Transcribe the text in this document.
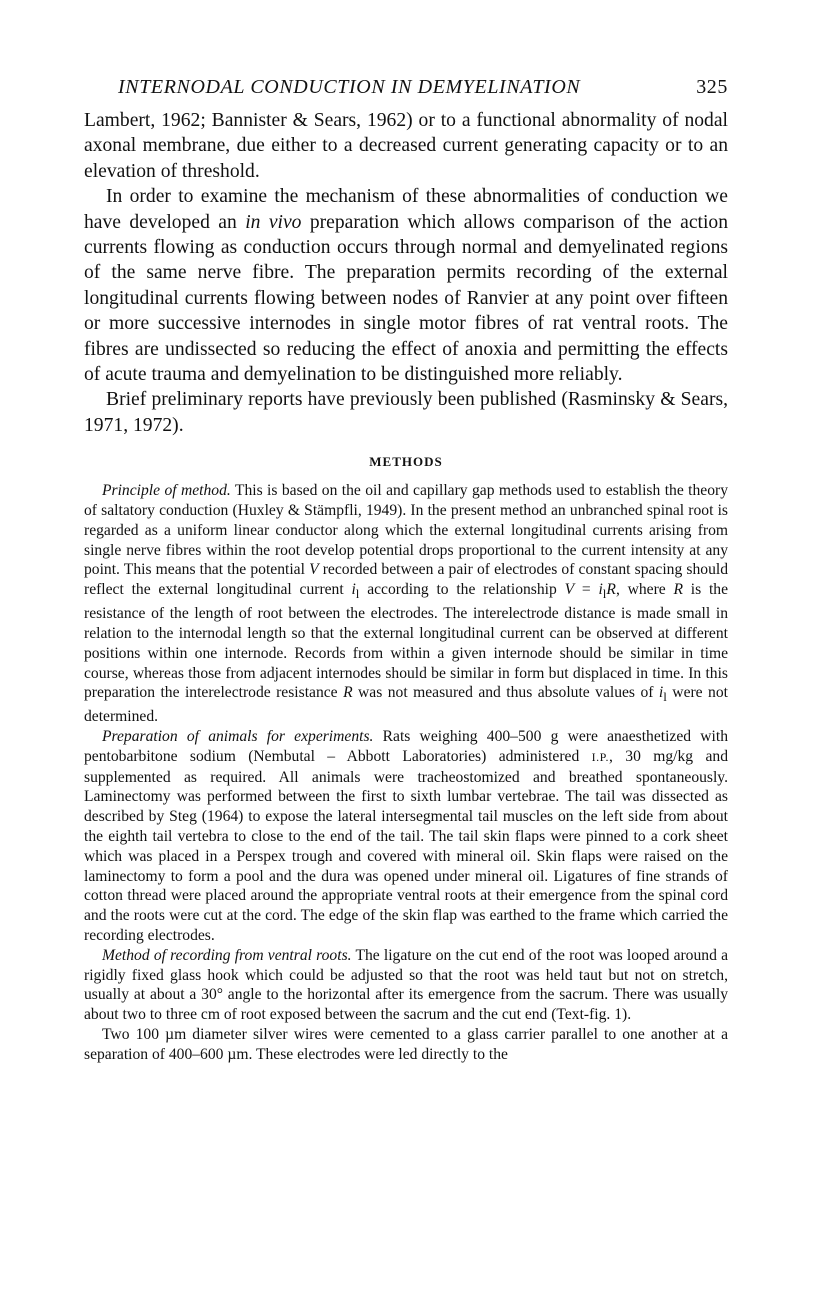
INTERNODAL CONDUCTION IN DEMYELINATION	325

Lambert, 1962; Bannister & Sears, 1962) or to a functional abnormality of nodal axonal membrane, due either to a decreased current generating capacity or to an elevation of threshold.

In order to examine the mechanism of these abnormalities of conduction we have developed an in vivo preparation which allows comparison of the action currents flowing as conduction occurs through normal and demyelinated regions of the same nerve fibre. The preparation permits recording of the external longitudinal currents flowing between nodes of Ranvier at any point over fifteen or more successive internodes in single motor fibres of rat ventral roots. The fibres are undissected so reducing the effect of anoxia and permitting the effects of acute trauma and demyelination to be distinguished more reliably.

Brief preliminary reports have previously been published (Rasminsky & Sears, 1971, 1972).

METHODS

Principle of method. This is based on the oil and capillary gap methods used to establish the theory of saltatory conduction (Huxley & Stämpfli, 1949). In the present method an unbranched spinal root is regarded as a uniform linear conductor along which the external longitudinal currents arising from single nerve fibres within the root develop potential drops proportional to the current intensity at any point. This means that the potential V recorded between a pair of electrodes of constant spacing should reflect the external longitudinal current $i_l$ according to the relationship $V = i_lR$, where R is the resistance of the length of root between the electrodes. The interelectrode distance is made small in relation to the internodal length so that the external longitudinal current can be observed at different positions within one internode. Records from within a given internode should be similar in time course, whereas those from adjacent internodes should be similar in form but displaced in time. In this preparation the interelectrode resistance R was not measured and thus absolute values of $i_l$ were not determined.

Preparation of animals for experiments. Rats weighing 400–500 g were anaesthetized with pentobarbitone sodium (Nembutal – Abbott Laboratories) administered I.P., 30 mg/kg and supplemented as required. All animals were tracheostomized and breathed spontaneously. Laminectomy was performed between the first to sixth lumbar vertebrae. The tail was dissected as described by Steg (1964) to expose the lateral intersegmental tail muscles on the left side from about the eighth tail vertebra to close to the end of the tail. The tail skin flaps were pinned to a cork sheet which was placed in a Perspex trough and covered with mineral oil. Skin flaps were raised on the laminectomy to form a pool and the dura was opened under mineral oil. Ligatures of fine strands of cotton thread were placed around the appropriate ventral roots at their emergence from the spinal cord and the roots were cut at the cord. The edge of the skin flap was earthed to the frame which carried the recording electrodes.

Method of recording from ventral roots. The ligature on the cut end of the root was looped around a rigidly fixed glass hook which could be adjusted so that the root was held taut but not on stretch, usually at about a 30° angle to the horizontal after its emergence from the sacrum. There was usually about two to three cm of root exposed between the sacrum and the cut end (Text-fig. 1).

Two 100 µm diameter silver wires were cemented to a glass carrier parallel to one another at a separation of 400–600 µm. These electrodes were led directly to the
